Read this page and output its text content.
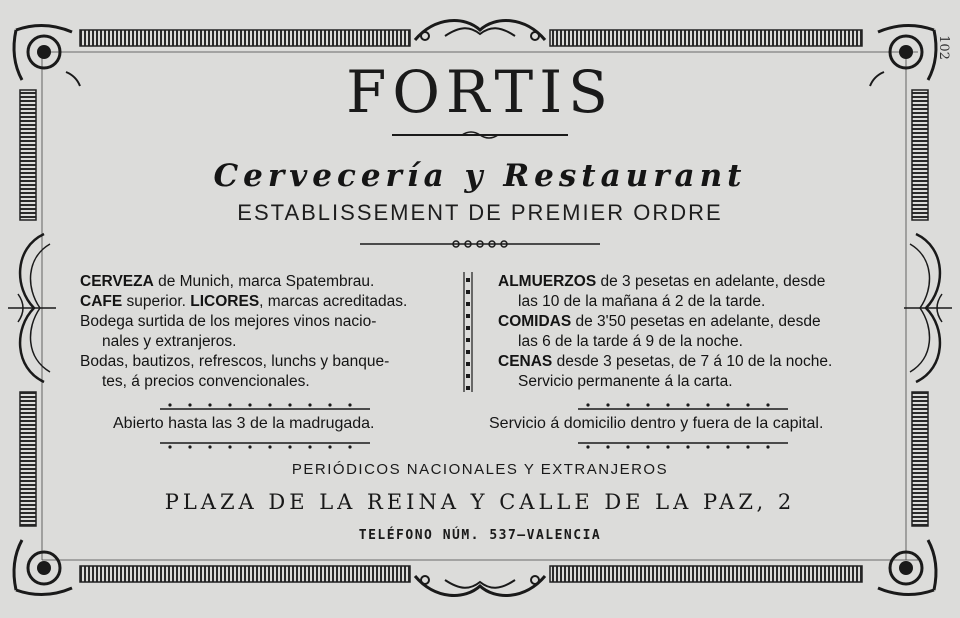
102
FORTIS
Cervecería y Restaurant
ESTABLISSEMENT DE PREMIER ORDRE
CERVEZA de Munich, marca Spatembrau.
CAFE superior. LICORES, marcas acreditadas.
Bodega surtida de los mejores vinos nacio-
nales y extranjeros.
Bodas, bautizos, refrescos, lunchs y banque-
tes, á precios convencionales.
ALMUERZOS de 3 pesetas en adelante, desde
las 10 de la mañana á 2 de la tarde.
COMIDAS de 3'50 pesetas en adelante, desde
las 6 de la tarde á 9 de la noche.
CENAS desde 3 pesetas, de 7 á 10 de la noche.
Servicio permanente á la carta.
Abierto hasta las 3 de la madrugada.	Servicio á domicilio dentro y fuera de la capital.
PERIÓDICOS NACIONALES Y EXTRANJEROS
PLAZA DE LA REINA Y CALLE DE LA PAZ, 2
TELÉFONO NÚM. 537—VALENCIA
